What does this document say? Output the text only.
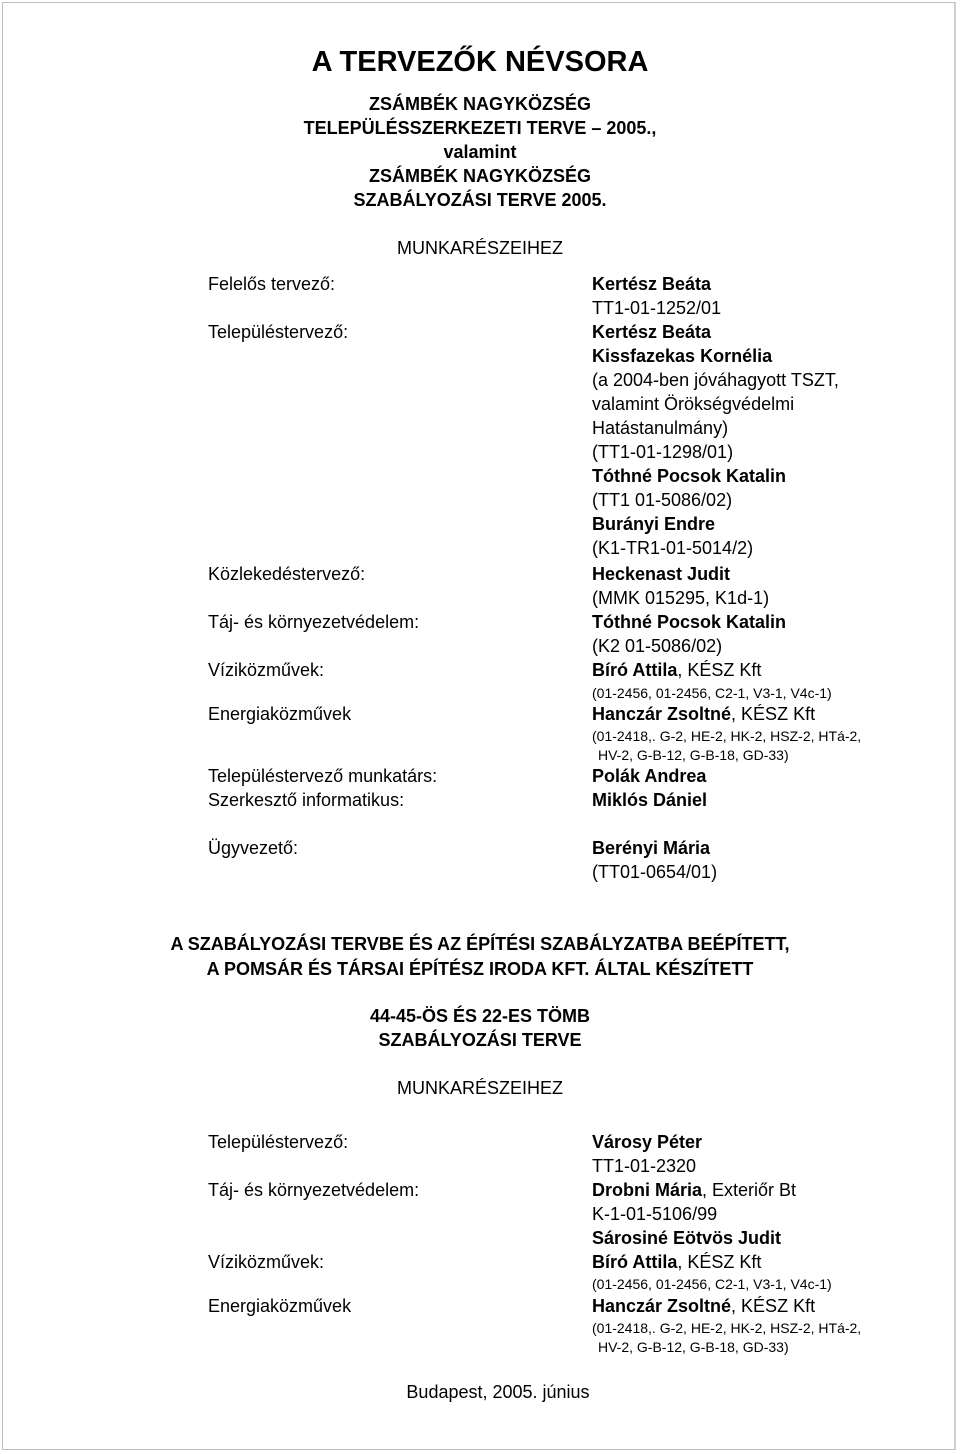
A TERVEZŐK NÉVSORA
ZSÁMBÉK NAGYKÖZSÉG
TELEPÜLÉSSZERKEZETI TERVE – 2005.,
valamint
ZSÁMBÉK NAGYKÖZSÉG
SZABÁLYOZÁSI TERVE 2005.
MUNKARÉSZEIHEZ
Felelős tervező:
Településtervező:
Közlekedéstervező:
Táj- és környezetvédelem:
Víziközművek:
Energiaközművek
Településtervező munkatárs:
Szerkesztő informatikus:
Ügyvezető:
Kertész Beáta
TT1-01-1252/01
Kertész Beáta
Kissfazekas Kornélia
(a 2004-ben jóváhagyott TSZT,
valamint Örökségvédelmi
Hatástanulmány)
(TT1-01-1298/01)
Tóthné Pocsok Katalin
(TT1 01-5086/02)
Burányi Endre
(K1-TR1-01-5014/2)
Heckenast Judit
(MMK 015295, K1d-1)
Tóthné Pocsok Katalin
(K2 01-5086/02)
Bíró Attila, KÉSZ Kft
(01-2456, 01-2456, C2-1, V3-1, V4c-1)
Hanczár Zsoltné, KÉSZ Kft
(01-2418,. G-2, HE-2, HK-2, HSZ-2, HTá-2,
HV-2, G-B-12, G-B-18, GD-33)
Polák Andrea
Miklós Dániel
Berényi Mária
(TT01-0654/01)
A SZABÁLYOZÁSI TERVBE ÉS AZ ÉPÍTÉSI SZABÁLYZATBA BEÉPÍTETT,
A POMSÁR ÉS TÁRSAI ÉPÍTÉSZ IRODA KFT. ÁLTAL KÉSZÍTETT
44-45-ÖS ÉS 22-ES TÖMB
SZABÁLYOZÁSI TERVE
MUNKARÉSZEIHEZ
Településtervező:
Táj- és környezetvédelem:
Víziközművek:
Energiaközművek
Városy Péter
TT1-01-2320
Drobni Mária, Exteriőr Bt
K-1-01-5106/99
Sárosiné Eötvös Judit
Bíró Attila, KÉSZ Kft
(01-2456, 01-2456, C2-1, V3-1, V4c-1)
Hanczár Zsoltné, KÉSZ Kft
(01-2418,. G-2, HE-2, HK-2, HSZ-2, HTá-2,
HV-2, G-B-12, G-B-18, GD-33)
Budapest, 2005. június
